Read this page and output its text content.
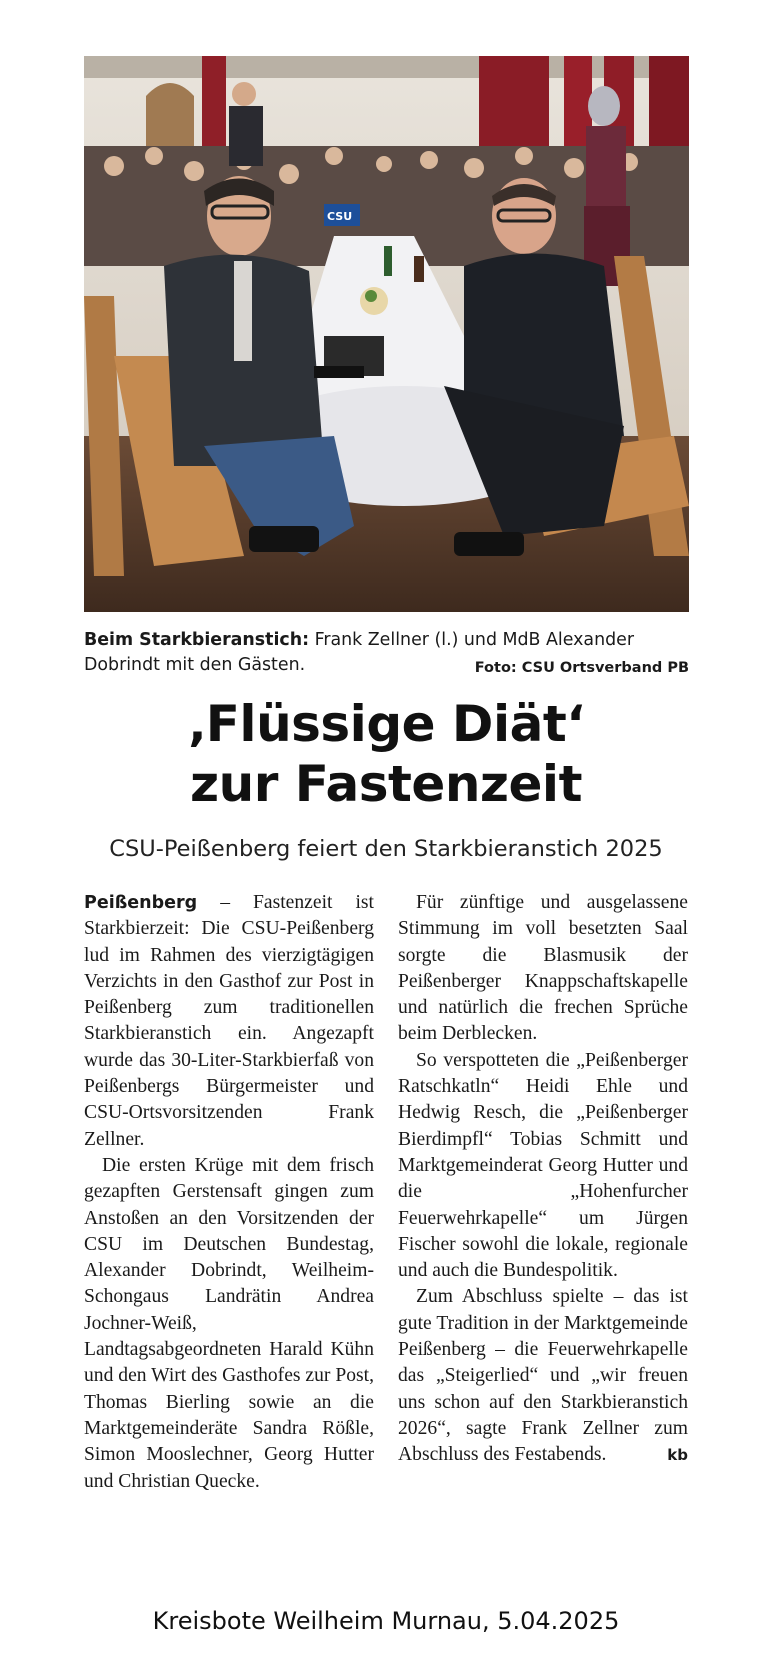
CSU
Beim Starkbieranstich: Frank Zellner (l.) und MdB Alexander Dobrindt mit den Gästen.	Foto: CSU Ortsverband PB
‚Flüssige Diät‘
zur Fastenzeit
CSU-Peißenberg feiert den Starkbieranstich 2025

Peißenberg – Fastenzeit ist Starkbierzeit: Die CSU-Peißenberg lud im Rahmen des vierzigtägigen Verzichts in den Gasthof zur Post in Peißenberg zum traditionellen Starkbieranstich ein. Angezapft wurde das 30-Liter-Starkbierfaß von Peißenbergs Bürgermeister und CSU-Ortsvorsitzenden Frank Zellner.

Die ersten Krüge mit dem frisch gezapften Gerstensaft gingen zum Anstoßen an den Vorsitzenden der CSU im Deutschen Bundestag, Alexander Dobrindt, Weilheim-Schongaus Landrätin Andrea Jochner-Weiß, Landtagsabgeordneten Harald Kühn und den Wirt des Gasthofes zur Post, Thomas Bierling sowie an die Marktgemeinderäte Sandra Rößle, Simon Mooslechner, Georg Hutter und Christian Quecke.

Für zünftige und ausgelassene Stimmung im voll besetzten Saal sorgte die Blasmusik der Peißenberger Knappschaftskapelle und natürlich die frechen Sprüche beim Derblecken.

So verspotteten die „Peißenberger Ratschkatln“ Heidi Ehle und Hedwig Resch, die „Peißenberger Bierdimpfl“ Tobias Schmitt und Marktgemeinderat Georg Hutter und die „Hohenfurcher Feuerwehrkapelle“ um Jürgen Fischer sowohl die lokale, regionale und auch die Bundespolitik.

Zum Abschluss spielte – das ist gute Tradition in der Marktgemeinde Peißenberg – die Feuerwehrkapelle das „Steigerlied“ und „wir freuen uns schon auf den Starkbieranstich 2026“, sagte Frank Zellner zum Abschluss des Festabends.	kb

Kreisbote Weilheim Murnau, 5.04.2025
